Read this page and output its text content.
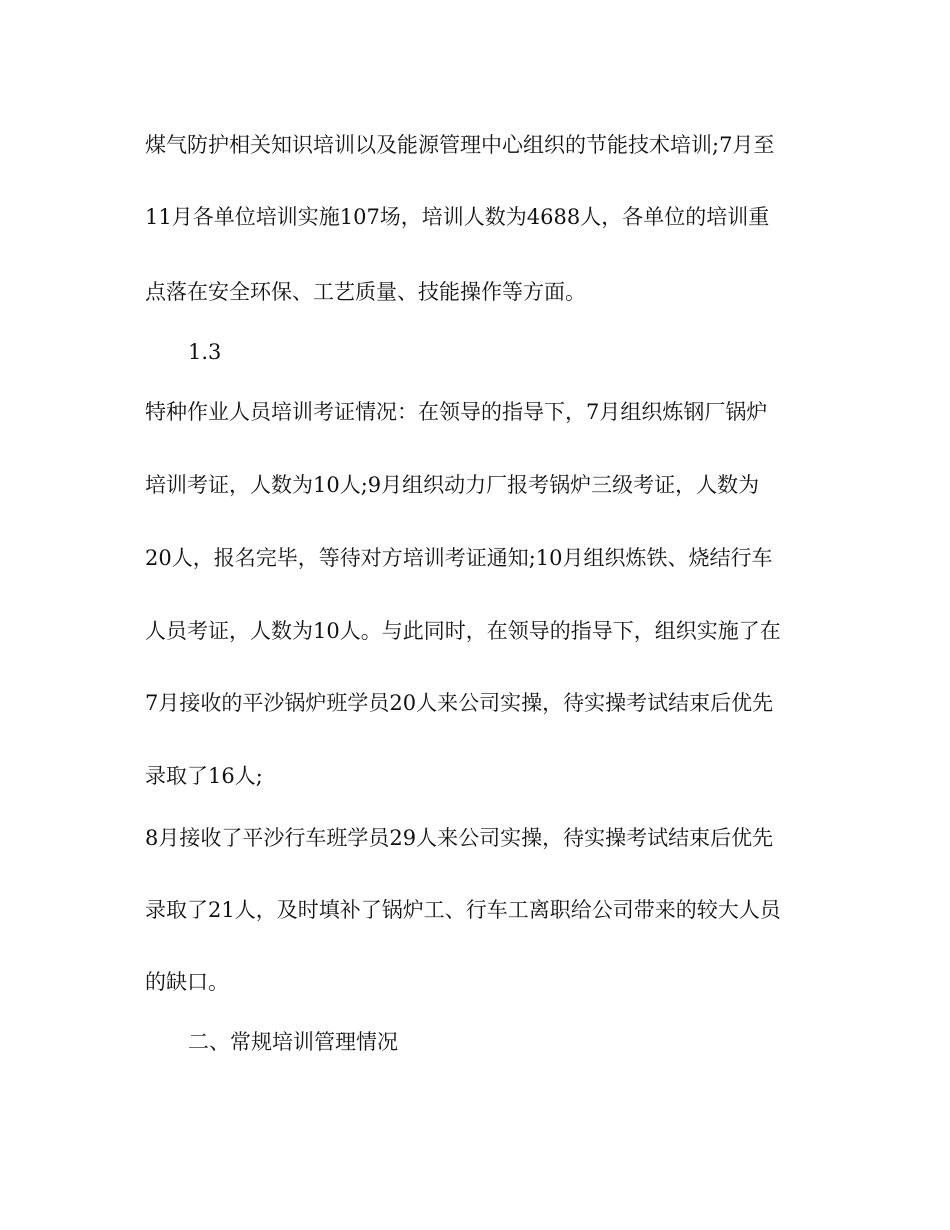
煤气防护相关知识培训以及能源管理中心组织的节能技术培训;7月至
11月各单位培训实施107场，培训人数为4688人，各单位的培训重
点落在安全环保、工艺质量、技能操作等方面。
1.3
特种作业人员培训考证情况：在领导的指导下，7月组织炼钢厂锅炉
培训考证，人数为10人;9月组织动力厂报考锅炉三级考证，人数为
20人，报名完毕，等待对方培训考证通知;10月组织炼铁、烧结行车
人员考证，人数为10人。与此同时，在领导的指导下，组织实施了在
7月接收的平沙锅炉班学员20人来公司实操，待实操考试结束后优先
录取了16人;
8月接收了平沙行车班学员29人来公司实操，待实操考试结束后优先
录取了21人，及时填补了锅炉工、行车工离职给公司带来的较大人员
的缺口。
二、常规培训管理情况
